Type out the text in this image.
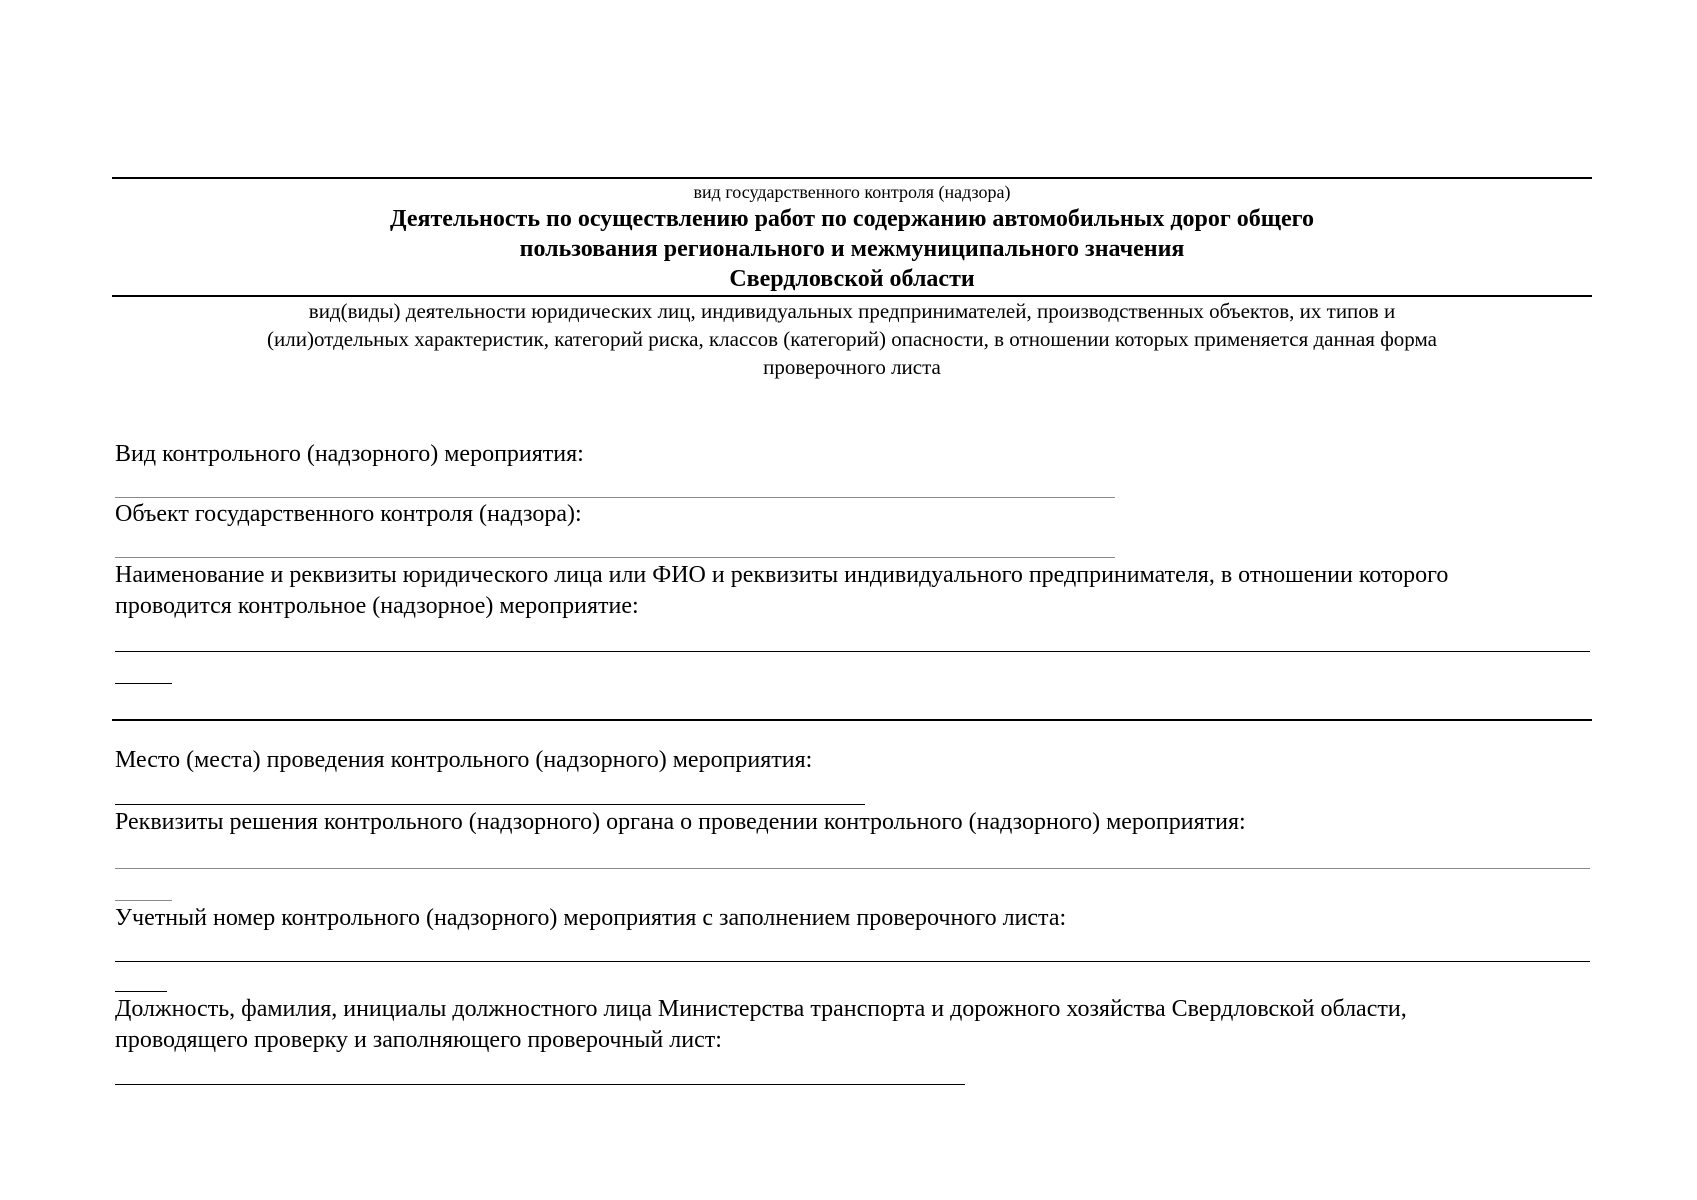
вид государственного контроля (надзора)
Деятельность по осуществлению работ по содержанию автомобильных дорог общего
пользования регионального и межмуниципального значения
Свердловской области
вид(виды) деятельности юридических лиц, индивидуальных предпринимателей, производственных объектов, их типов и
(или)отдельных характеристик, категорий риска, классов (категорий) опасности, в отношении которых применяется данная форма
проверочного листа
Вид контрольного (надзорного) мероприятия:
Объект государственного контроля (надзора):
Наименование и реквизиты юридического лица или ФИО и реквизиты индивидуального предпринимателя, в отношении которого
проводится контрольное (надзорное) мероприятие:
Место (места) проведения контрольного (надзорного) мероприятия:
Реквизиты решения контрольного (надзорного) органа о проведении контрольного (надзорного) мероприятия:
Учетный номер контрольного (надзорного) мероприятия с заполнением проверочного листа:
Должность, фамилия, инициалы должностного лица Министерства транспорта и дорожного хозяйства Свердловской области,
проводящего проверку и заполняющего проверочный лист:
